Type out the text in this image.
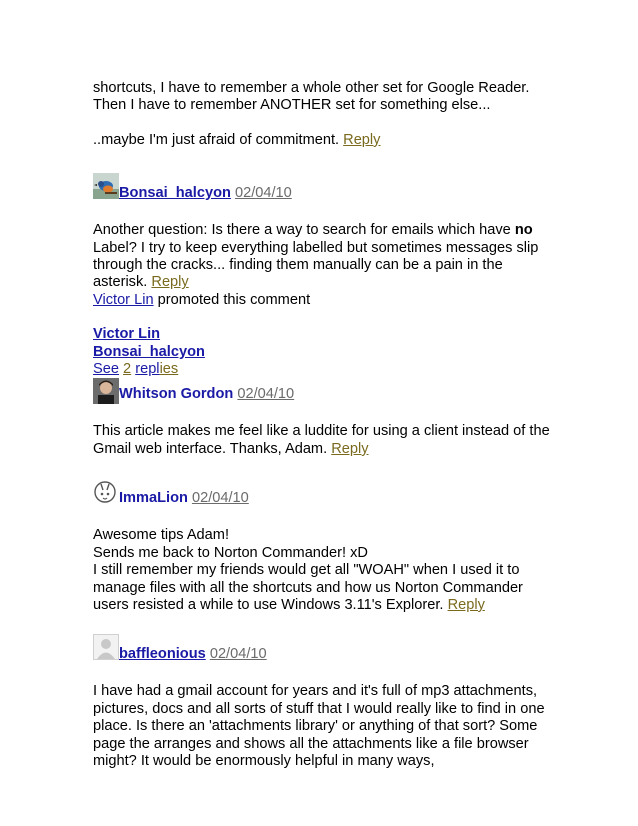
shortcuts, I have to remember a whole other set for Google Reader.

Then I have to remember ANOTHER set for something else...

..maybe I'm just afraid of commitment. Reply

Bonsai_halcyon 02/04/10

Another question: Is there a way to search for emails which have no Label? I try to keep everything labelled but sometimes messages slip through the cracks... finding them manually can be a pain in the asterisk. Reply

Victor Lin promoted this comment

Victor Lin

Bonsai_halcyon

See 2 replies

Whitson Gordon 02/04/10

This article makes me feel like a luddite for using a client instead of the Gmail web interface. Thanks, Adam. Reply

ImmaLion 02/04/10

Awesome tips Adam!

Sends me back to Norton Commander! xD

I still remember my friends would get all "WOAH" when I used it to manage files with all the shortcuts and how us Norton Commander users resisted a while to use Windows 3.11's Explorer. Reply

baffleonious 02/04/10

I have had a gmail account for years and it's full of mp3 attachments, pictures, docs and all sorts of stuff that I would really like to find in one place. Is there an 'attachments library' or anything of that sort? Some page the arranges and shows all the attachments like a file browser might? It would be enormously helpful in many ways,
